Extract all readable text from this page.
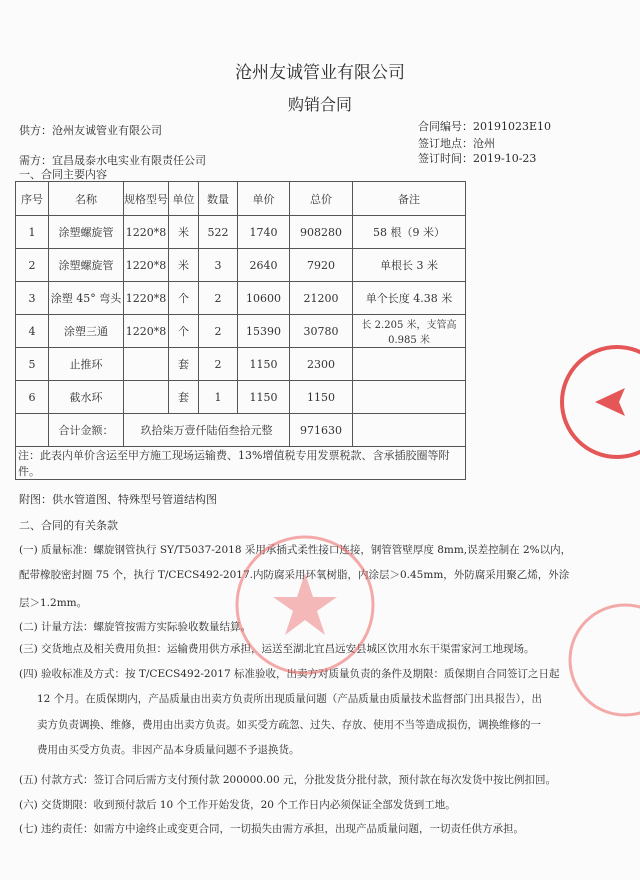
沧州友诚管业有限公司
购销合同
供方：沧州友诚管业有限公司	合同编号：20191023E10
签订地点：沧州
需方：宜昌晟泰水电实业有限责任公司	签订时间：2019-10-23
一、合同主要内容
序号	名称	规格型号	单位	数量	单价	总价	备注
1	涂塑螺旋管	1220*8	米	522	1740	908280	58 根（9 米）
2	涂塑螺旋管	1220*8	米	3	2640	7920	单根长 3 米
3	涂塑 45° 弯头	1220*8	个	2	10600	21200	单个长度 4.38 米
4	涂塑三通	1220*8	个	2	15390	30780	长 2.205 米，支管高 0.985 米
5	止推环		套	2	1150	2300	
6	截水环		套	1	1150	1150	
	合计金额：	玖拾柒万壹仟陆佰叁拾元整				971630	
注：此表内单价含运至甲方施工现场运输费、13%增值税专用发票税款、含承插胶圈等附件。							
附图：供水管道图、特殊型号管道结构图
二、合同的有关条款
(一) 质量标准：螺旋钢管执行 SY/T5037-2018 采用承插式柔性接口连接，钢管管壁厚度 8mm,误差控制在 2%以内，
配带橡胶密封圈 75 个，执行 T/CECS492-2017.内防腐采用环氧树脂，内涂层＞0.45mm，外防腐采用聚乙烯，外涂
层＞1.2mm。
(二) 计量方法：螺旋管按需方实际验收数量结算。
(三) 交货地点及相关费用负担：运输费用供方承担，运送至湖北宜昌远安县城区饮用水东干渠雷家河工地现场。
(四) 验收标准及方式：按 T/CECS492-2017 标准验收，出卖方对质量负责的条件及期限：质保期自合同签订之日起
12 个月。在质保期内，产品质量由出卖方负责所出现质量问题（产品质量由质量技术监督部门出具报告），出
卖方负责调换、维修，费用由出卖方负责。如买受方疏忽、过失、存放、使用不当等造成损伤，调换维修的一
费用由买受方负责。非因产品本身质量问题不予退换货。
(五) 付款方式：签订合同后需方支付预付款 200000.00 元，分批发货分批付款，预付款在每次发货中按比例扣回。
(六) 交货期限：收到预付款后 10 个工作开始发货，20 个工作日内必须保证全部发货到工地。
(七) 违约责任：如需方中途终止或变更合同，一切损失由需方承担，出现产品质量问题，一切责任供方承担。
